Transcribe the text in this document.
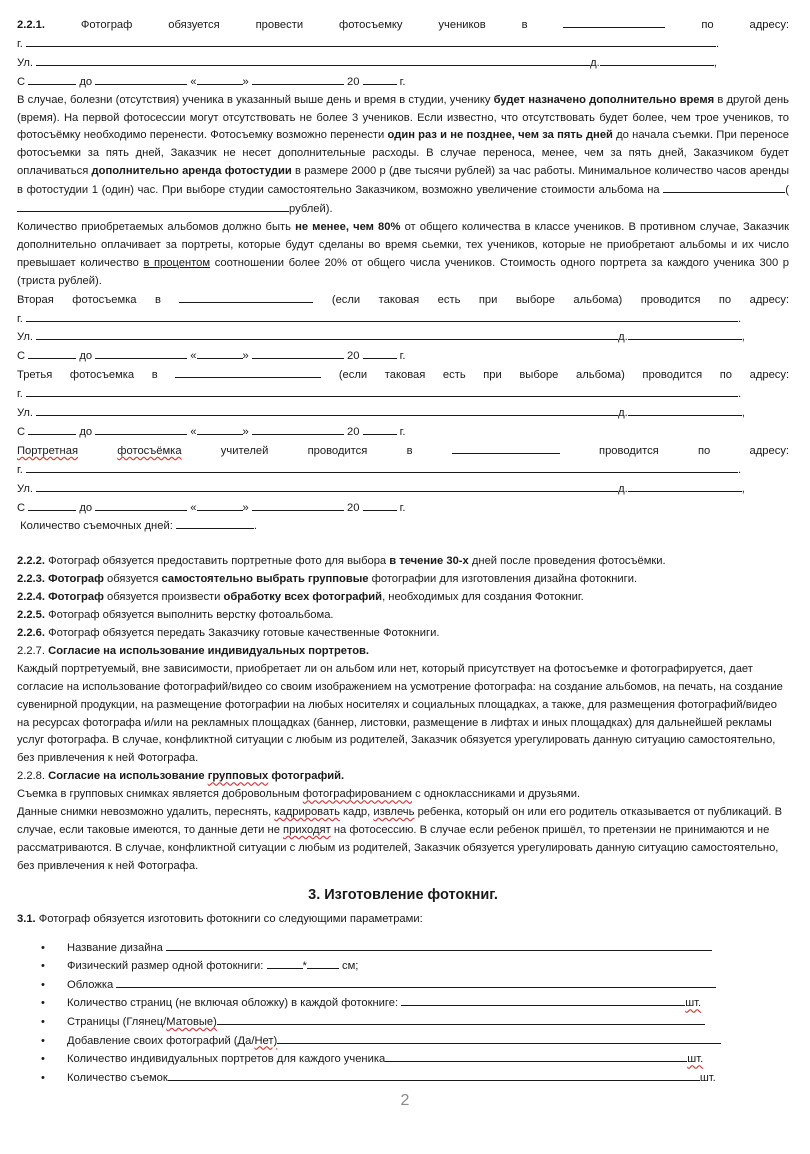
2.2.1.	Фотограф	обязуется	провести	фотосъемку	учеников	в	по	адресу:
г.	.
Ул.	д.	,
С	до	«	»	20	г.
В случае, болезни (отсутствия) ученика в указанный выше день и время в студии, ученику будет назначено дополнительно время в другой день (время). На первой фотосессии могут отсутствовать не более 3 учеников. Если известно, что отсутствовать будет более, чем трое учеников, то фотосъёмку необходимо перенести. Фотосъемку возможно перенести один раз и не позднее, чем за пять дней до начала съемки. При переносе фотосъемки за пять дней, Заказчик не несет дополнительные расходы. В случае переноса, менее, чем за пять дней, Заказчиком будет оплачиваться дополнительно аренда фотостудии в размере 2000 р (две тысячи рублей) за час работы. Минимальное количество часов аренды в фотостудии 1 (один) час. При выборе студии самостоятельно Заказчиком, возможно увеличение стоимости альбома на	(рублей).
Количество приобретаемых альбомов должно быть не менее, чем 80% от общего количества в классе учеников. В противном случае, Заказчик дополнительно оплачивает за портреты, которые будут сделаны во время сьемки, тех учеников, которые не приобретают альбомы и их число превышает количество в процентом соотношении более 20% от общего числа учеников. Стоимость одного портрета за каждого ученика 300 р (триста рублей).
Вторая фотосъемка в	(если таковая есть при выборе альбома) проводится по адресу:
г.	.
Ул.	д.	,
С	до	«	»	20	г.
Третья фотосъемка в	(если таковая есть при выборе альбома) проводится по адресу:
г.	.
Ул.	д.	,
С	до	«	»	20	г.
Портретная	фотосъёмка	учителей	проводится	в	проводится	по	адресу:
г.	.
Ул.	д.	,
С	до	«	»	20	г.
Количество съемочных дней:	.
2.2.2. Фотограф обязуется предоставить портретные фото для выбора в течение 30-х дней после проведения фотосъёмки.
2.2.3. Фотограф обязуется самостоятельно выбрать групповые фотографии для изготовления дизайна фотокниги.
2.2.4. Фотограф обязуется произвести обработку всех фотографий, необходимых для создания Фотокниг.
2.2.5. Фотограф обязуется выполнить верстку фотоальбома.
2.2.6. Фотограф обязуется передать Заказчику готовые качественные Фотокниги.
2.2.7. Согласие на использование индивидуальных портретов.
Каждый портретуемый, вне зависимости, приобретает ли он альбом или нет, который присутствует на фотосъемке и фотографируется, дает согласие на использование фотографий/видео со своим изображением на усмотрение фотографа: на создание альбомов, на печать, на создание сувенирной продукции, на размещение фотографии на любых носителях и социальных площадках, а также, для размещения фотографий/видео на ресурсах фотографа и/или на рекламных площадках (баннер, листовки, размещение в лифтах и иных площадках) для дальнейшей рекламы услуг фотографа. В случае, конфликтной ситуации с любым из родителей, Заказчик обязуется урегулировать данную ситуацию самостоятельно, без привлечения к ней Фотографа.
2.2.8. Согласие на использование групповых фотографий.
Съемка в групповых снимках является добровольным фотографированием с одноклассниками и друзьями.
Данные снимки невозможно удалить, переснять, кадрировать кадр, извлечь ребенка, который он или его родитель отказывается от публикаций. В случае, если таковые имеются, то данные дети не приходят на фотосессию. В случае если ребенок пришёл, то претензии не принимаются и не рассматриваются. В случае, конфликтной ситуации с любым из родителей, Заказчик обязуется урегулировать данную ситуацию самостоятельно, без привлечения к ней Фотографа.
3. Изготовление фотокниг.
3.1. Фотограф обязуется изготовить фотокниги со следующими параметрами:
• Название дизайна
• Физический размер одной фотокниги:	*	см;
• Обложка
• Количество страниц (не включая обложку) в каждой фотокниге:	шт.
• Страницы (Глянец/Матовые)
• Добавление своих фотографий (Да/Нет)
• Количество индивидуальных портретов для каждого ученика	шт.
• Количество съемок	шт.
2
